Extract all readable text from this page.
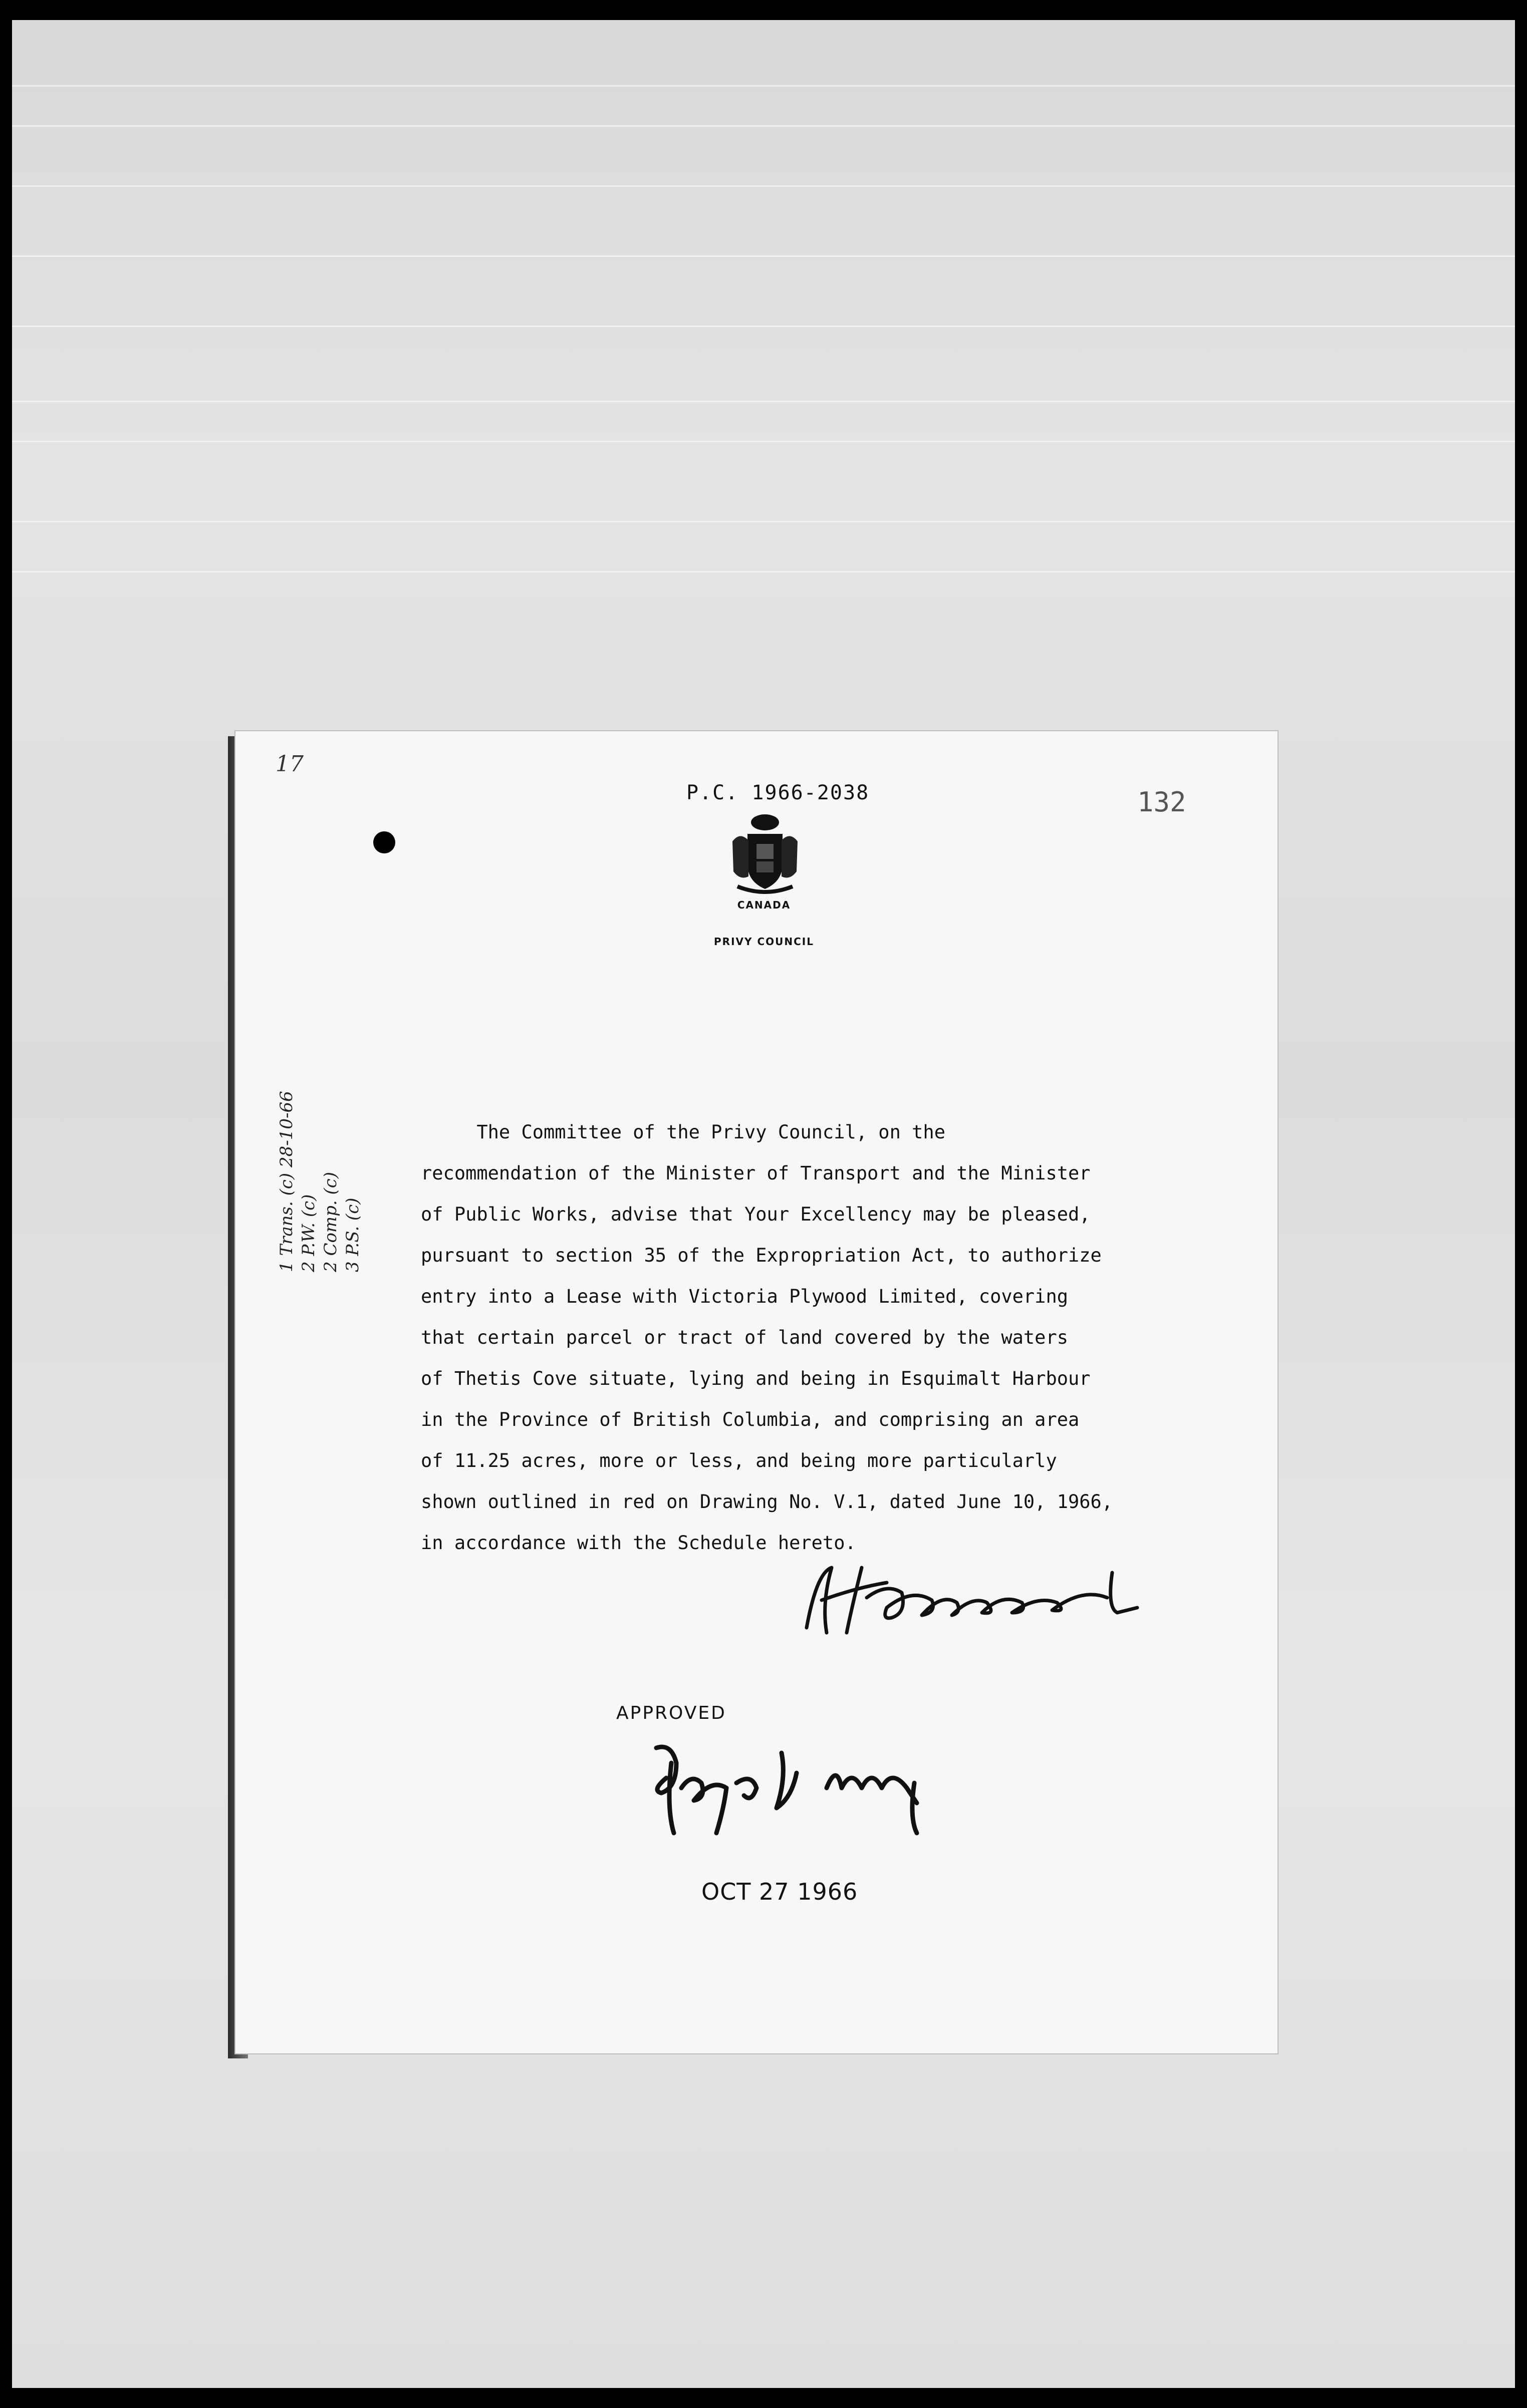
17
P.C. 1966-2038	132
CANADA
PRIVY COUNCIL
The Committee of the Privy Council, on the
recommendation of the Minister of Transport and the Minister
of Public Works, advise that Your Excellency may be pleased,
pursuant to section 35 of the Expropriation Act, to authorize
entry into a Lease with Victoria Plywood Limited, covering
that certain parcel or tract of land covered by the waters
of Thetis Cove situate, lying and being in Esquimalt Harbour
in the Province of British Columbia, and comprising an area
of 11.25 acres, more or less, and being more particularly
shown outlined in red on Drawing No. V.1, dated June 10, 1966,
in accordance with the Schedule hereto.
1 Trans. (c) 28-10-66 2 P.W. (c) 2 Comp. (c) 3 P.S. (c)
APPROVED
OCT 27 1966
